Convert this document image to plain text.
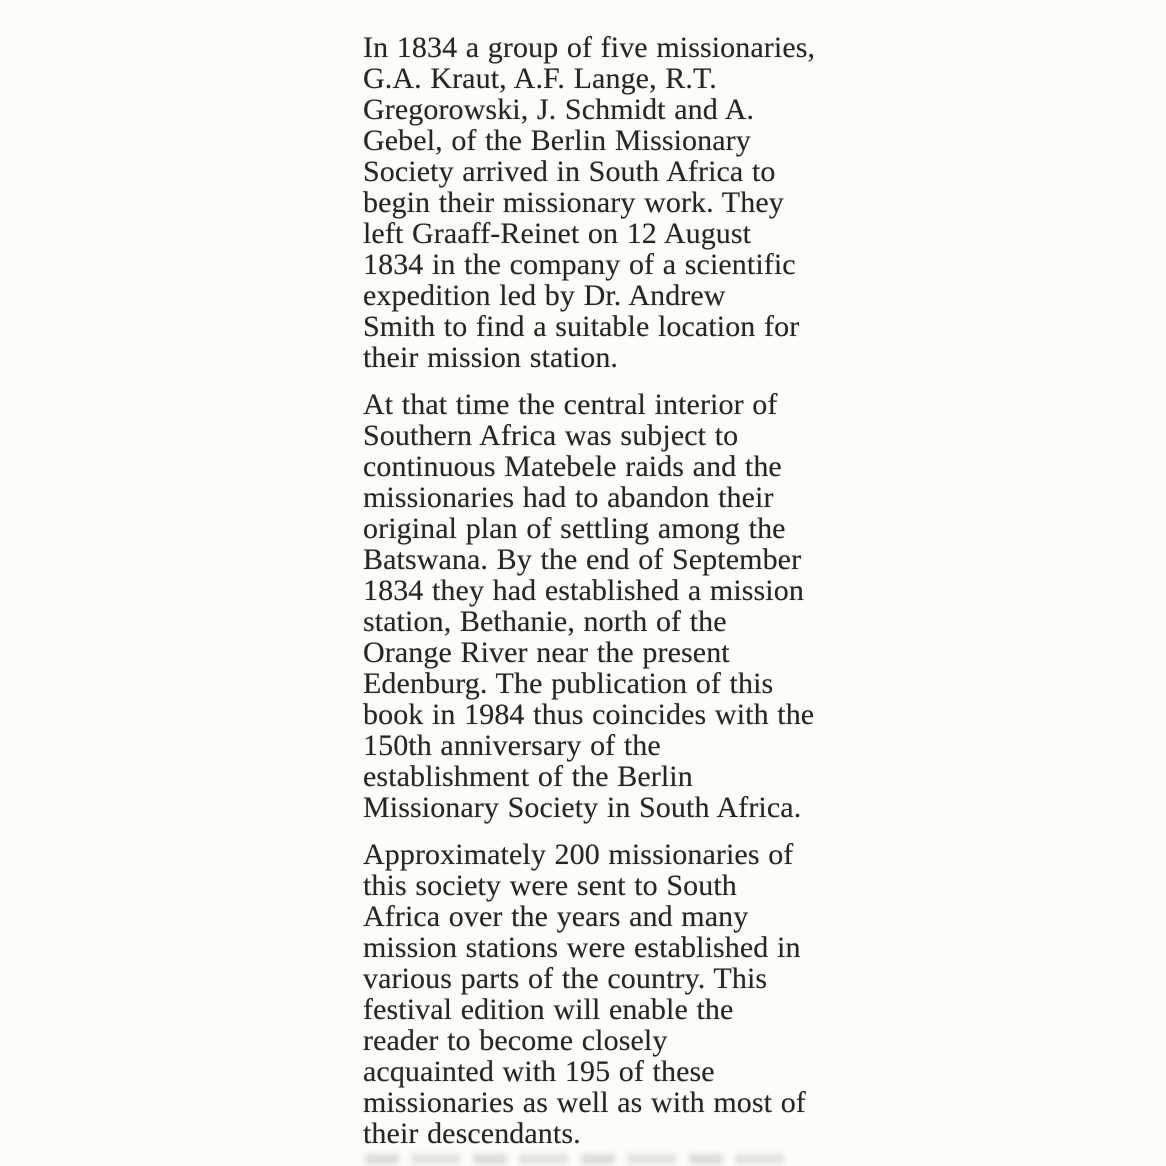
In 1834 a group of five missionaries,
G.A. Kraut, A.F. Lange, R.T.
Gregorowski, J. Schmidt and A.
Gebel, of the Berlin Missionary
Society arrived in South Africa to
begin their missionary work. They
left Graaff-Reinet on 12 August
1834 in the company of a scientific
expedition led by Dr. Andrew
Smith to find a suitable location for
their mission station.
At that time the central interior of
Southern Africa was subject to
continuous Matebele raids and the
missionaries had to abandon their
original plan of settling among the
Batswana. By the end of September
1834 they had established a mission
station, Bethanie, north of the
Orange River near the present
Edenburg. The publication of this
book in 1984 thus coincides with the
150th anniversary of the
establishment of the Berlin
Missionary Society in South Africa.
Approximately 200 missionaries of
this society were sent to South
Africa over the years and many
mission stations were established in
various parts of the country. This
festival edition will enable the
reader to become closely
acquainted with 195 of these
missionaries as well as with most of
their descendants.
